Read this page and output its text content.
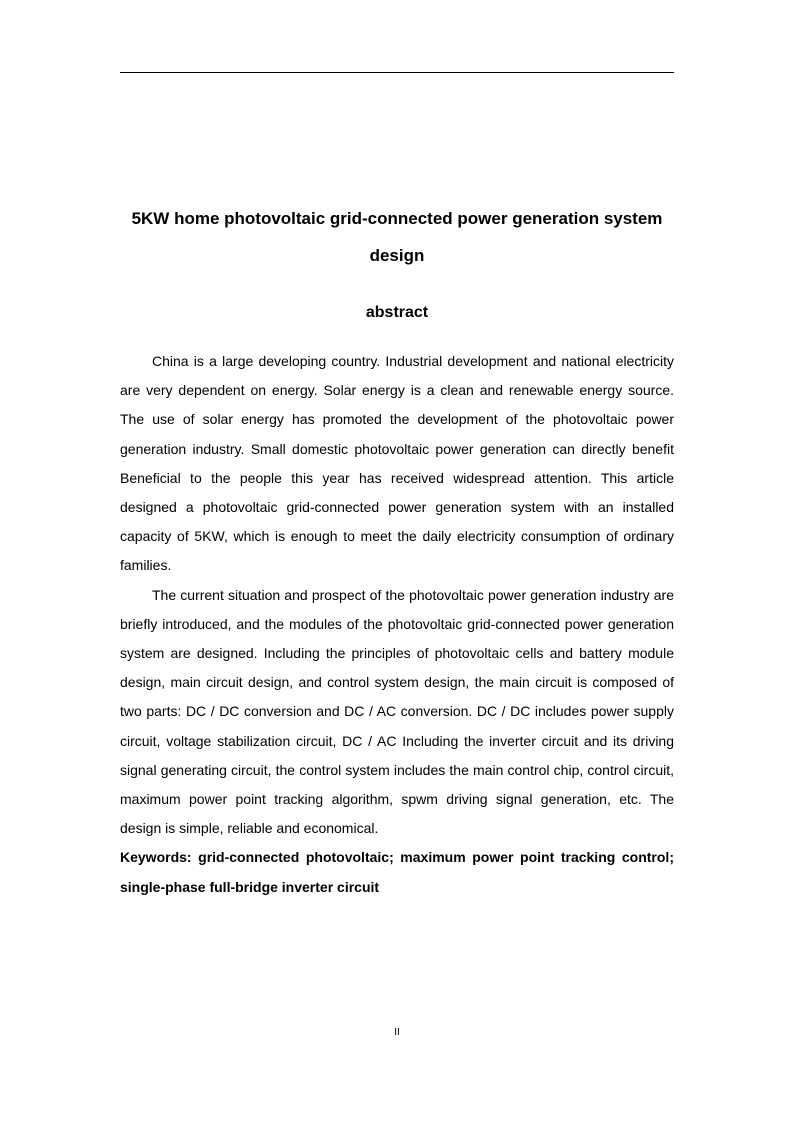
5KW home photovoltaic grid-connected power generation system design
abstract

China is a large developing country. Industrial development and national electricity are very dependent on energy. Solar energy is a clean and renewable energy source. The use of solar energy has promoted the development of the photovoltaic power generation industry. Small domestic photovoltaic power generation can directly benefit Beneficial to the people this year has received widespread attention. This article designed a photovoltaic grid-connected power generation system with an installed capacity of 5KW, which is enough to meet the daily electricity consumption of ordinary families.

The current situation and prospect of the photovoltaic power generation industry are briefly introduced, and the modules of the photovoltaic grid-connected power generation system are designed. Including the principles of photovoltaic cells and battery module design, main circuit design, and control system design, the main circuit is composed of two parts: DC / DC conversion and DC / AC conversion. DC / DC includes power supply circuit, voltage stabilization circuit, DC / AC Including the inverter circuit and its driving signal generating circuit, the control system includes the main control chip, control circuit, maximum power point tracking algorithm, spwm driving signal generation, etc. The design is simple, reliable and economical.

Keywords: grid-connected photovoltaic; maximum power point tracking control; single-phase full-bridge inverter circuit

II
